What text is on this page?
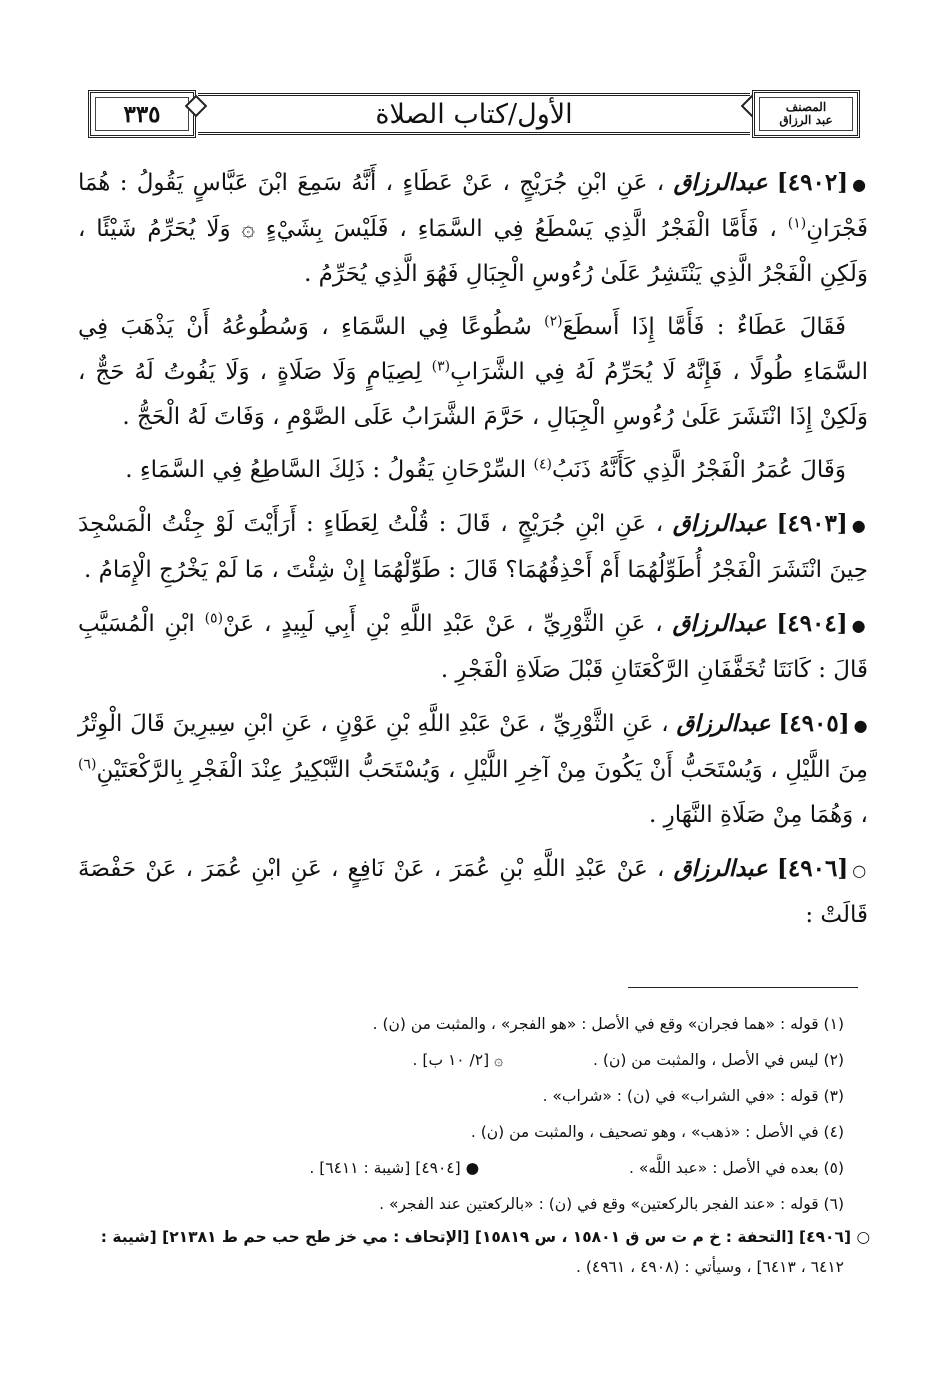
٣٣٥	الأول/كتاب الصلاة	المصنف
عبد الرزاق

●[٤٩٠٢] عبدالرزاق ، عَنِ ابْنِ جُرَيْجٍ ، عَنْ عَطَاءٍ ، أَنَّهُ سَمِعَ ابْنَ عَبَّاسٍ يَقُولُ : هُمَا فَجْرَانِ$^{(١)}$ ، فَأَمَّا الْفَجْرُ الَّذِي يَسْطَعُ فِي السَّمَاءِ ، فَلَيْسَ بِشَيْءٍ ۞ وَلَا يُحَرِّمُ شَيْئًا ، وَلَكِنِ الْفَجْرُ الَّذِي يَنْتَشِرُ عَلَىٰ رُءُوسِ الْجِبَالِ فَهُوَ الَّذِي يُحَرِّمُ .

فَقَالَ عَطَاءٌ : فَأَمَّا إِذَا أَسطَعَ$^{(٢)}$ سُطُوعًا فِي السَّمَاءِ ، وَسُطُوعُهُ أَنْ يَذْهَبَ فِي السَّمَاءِ طُولًا ، فَإِنَّهُ لَا يُحَرِّمُ لَهُ فِي الشَّرَابِ$^{(٣)}$ لِصِيَامٍ وَلَا صَلَاةٍ ، وَلَا يَفُوتُ لَهُ حَجٌّ ، وَلَكِنْ إِذَا انْتَشَرَ عَلَىٰ رُءُوسِ الْجِبَالِ ، حَرَّمَ الشَّرَابُ عَلَى الصَّوْمِ ، وَفَاتَ لَهُ الْحَجُّ .

وَقَالَ عُمَرُ الْفَجْرُ الَّذِي كَأَنَّهُ ذَنَبُ$^{(٤)}$ السِّرْحَانِ يَقُولُ : ذَلِكَ السَّاطِعُ فِي السَّمَاءِ .

●[٤٩٠٣] عبدالرزاق ، عَنِ ابْنِ جُرَيْجٍ ، قَالَ : قُلْتُ لِعَطَاءٍ : أَرَأَيْتَ لَوْ جِئْتُ الْمَسْجِدَ حِينَ انْتَشَرَ الْفَجْرُ أُطَوِّلُهُمَا أَمْ أَحْذِفُهُمَا؟ قَالَ : طَوِّلْهُمَا إِنْ شِئْتَ ، مَا لَمْ يَخْرُجِ الْإِمَامُ .

●[٤٩٠٤] عبدالرزاق ، عَنِ الثَّوْرِيِّ ، عَنْ عَبْدِ اللَّهِ بْنِ أَبِي لَبِيدٍ ، عَنْ$^{(٥)}$ ابْنِ الْمُسَيَّبِ قَالَ : كَانَتَا تُخَفَّفَانِ الرَّكْعَتَانِ قَبْلَ صَلَاةِ الْفَجْرِ .

●[٤٩٠٥] عبدالرزاق ، عَنِ الثَّوْرِيِّ ، عَنْ عَبْدِ اللَّهِ بْنِ عَوْنٍ ، عَنِ ابْنِ سِيرِينَ قَالَ الْوِتْرُ مِنَ اللَّيْلِ ، وَيُسْتَحَبُّ أَنْ يَكُونَ مِنْ آخِرِ اللَّيْلِ ، وَيُسْتَحَبُّ التَّبْكِيرُ عِنْدَ الْفَجْرِ بِالرَّكْعَتَيْنِ$^{(٦)}$ ، وَهُمَا مِنْ صَلَاةِ النَّهَارِ .

○[٤٩٠٦] عبدالرزاق ، عَنْ عَبْدِ اللَّهِ بْنِ عُمَرَ ، عَنْ نَافِعٍ ، عَنِ ابْنِ عُمَرَ ، عَنْ حَفْصَةَ قَالَتْ :

(١) قوله : «هما فجران» وقع في الأصل : «هو الفجر» ، والمثبت من (ن) .
(٢) ليس في الأصل ، والمثبت من (ن) .  ۞ [٢/ ١٠ ب] .
(٣) قوله : «في الشراب» في (ن) : «شراب» .
(٤) في الأصل : «ذهب» ، وهو تصحيف ، والمثبت من (ن) .
(٥) بعده في الأصل : «عبد اللَّه» .  ● [٤٩٠٤] [شيبة : ٦٤١١] .
(٦) قوله : «عند الفجر بالركعتين» وقع في (ن) : «بالركعتين عند الفجر» .
○ [٤٩٠٦] [التحفة : خ م ت س ق ١٥٨٠١ ، س ١٥٨١٩] [الإتحاف : مي خز طح حب حم ط ٢١٣٨١] [شيبة :
٦٤١٢ ، ٦٤١٣] ، وسيأتي : (٤٩٠٨ ، ٤٩٦١) .
